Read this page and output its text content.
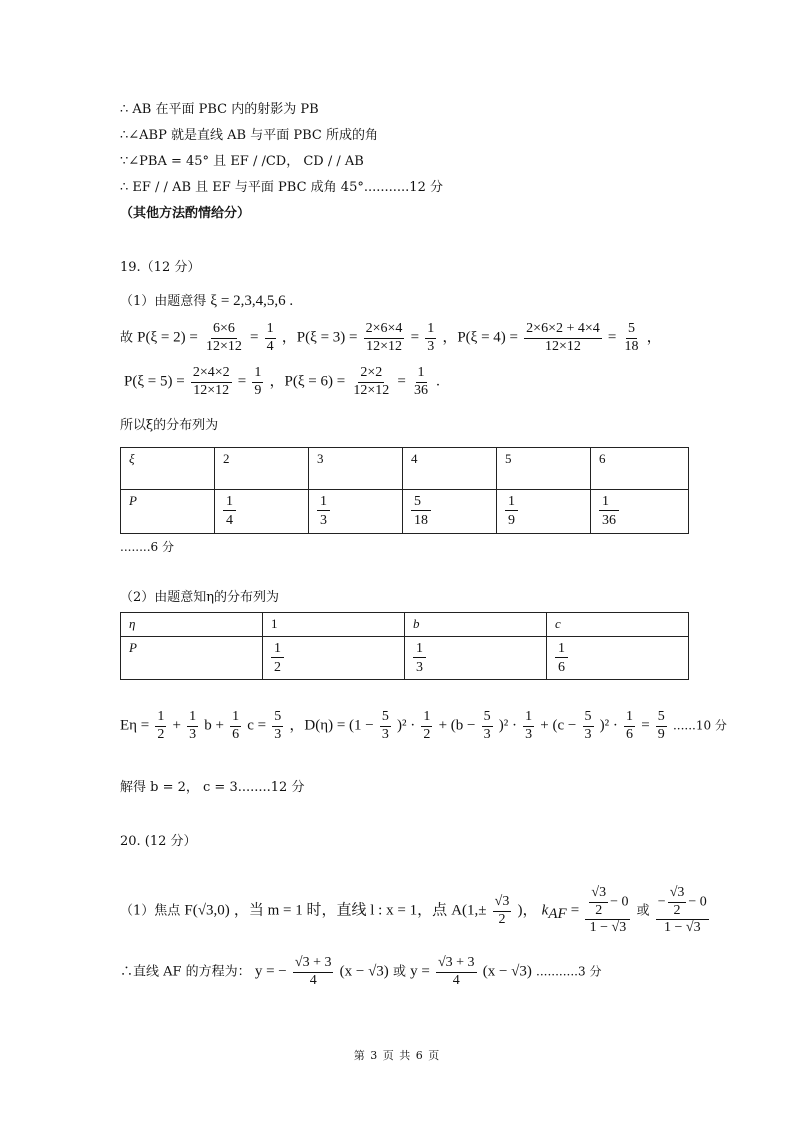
∴ AB 在平面 PBC 内的射影为 PB
∴∠ABP 就是直线 AB 与平面 PBC 所成的角
∵∠PBA = 45° 且 EF / /CD， CD / / AB
∴ EF / / AB 且 EF 与平面 PBC 成角 45°...........12 分
（其他方法酌情给分）
19.（12 分）
（1）由题意得 ξ = 2,3,4,5,6 .
故 $P(\xi = 2) = \frac{6\times 6}{12\times 12} = \frac{1}{4}$ ，$P(\xi = 3) = \frac{2\times 6\times 4}{12\times 12} = \frac{1}{3}$ ，$P(\xi = 4) = \frac{2\times 6\times 2 + 4\times 4}{12\times 12} = \frac{5}{18}$ ，
$P(\xi = 5) = \frac{2\times 4\times 2}{12\times 12} = \frac{1}{9}$ ，$P(\xi = 6) = \frac{2\times 2}{12\times 12} = \frac{1}{36}$ .
所以ξ的分布列为
ξ	2	3	4	5	6
P	$\frac{1}{4}$	$\frac{1}{3}$	$\frac{5}{18}$	$\frac{1}{9}$	$\frac{1}{36}$
........6 分
（2）由题意知η的分布列为
η	1	b	c
P	$\frac{1}{2}$	$\frac{1}{3}$	$\frac{1}{6}$
$E\eta = \frac{1}{2} + \frac{1}{3}$ $b + \frac{1}{6}$ $c = \frac{5}{3}$ ，$D(\eta) = (1 - \frac{5}{3} )^2 \cdot \frac{1}{2} + (b - \frac{5}{3} )^2 \cdot \frac{1}{3} + (c - \frac{5}{3} )^2 \cdot \frac{1}{6} = \frac{5}{9} ......10$ 分
解得 b = 2， c = 3........12 分
20. (12 分）
（1）焦点 F(√3,0) ，当 m = 1 时，直线 l : x = 1，点 $A(1,\pm \frac{√3}{2}$ )， $k_{AF} = \frac{\frac{√3}{2} - 0}{1 - √3}$ 或 $\frac{- \frac{√3}{2} - 0}{1 - √3}$
∴直线 AF 的方程为： y = − $\frac{√3 + 3}{4} (x - √3)$ 或 $y = \frac{√3 + 3}{4} (x - √3)$ ...........3 分
第 3 页 共 6 页
